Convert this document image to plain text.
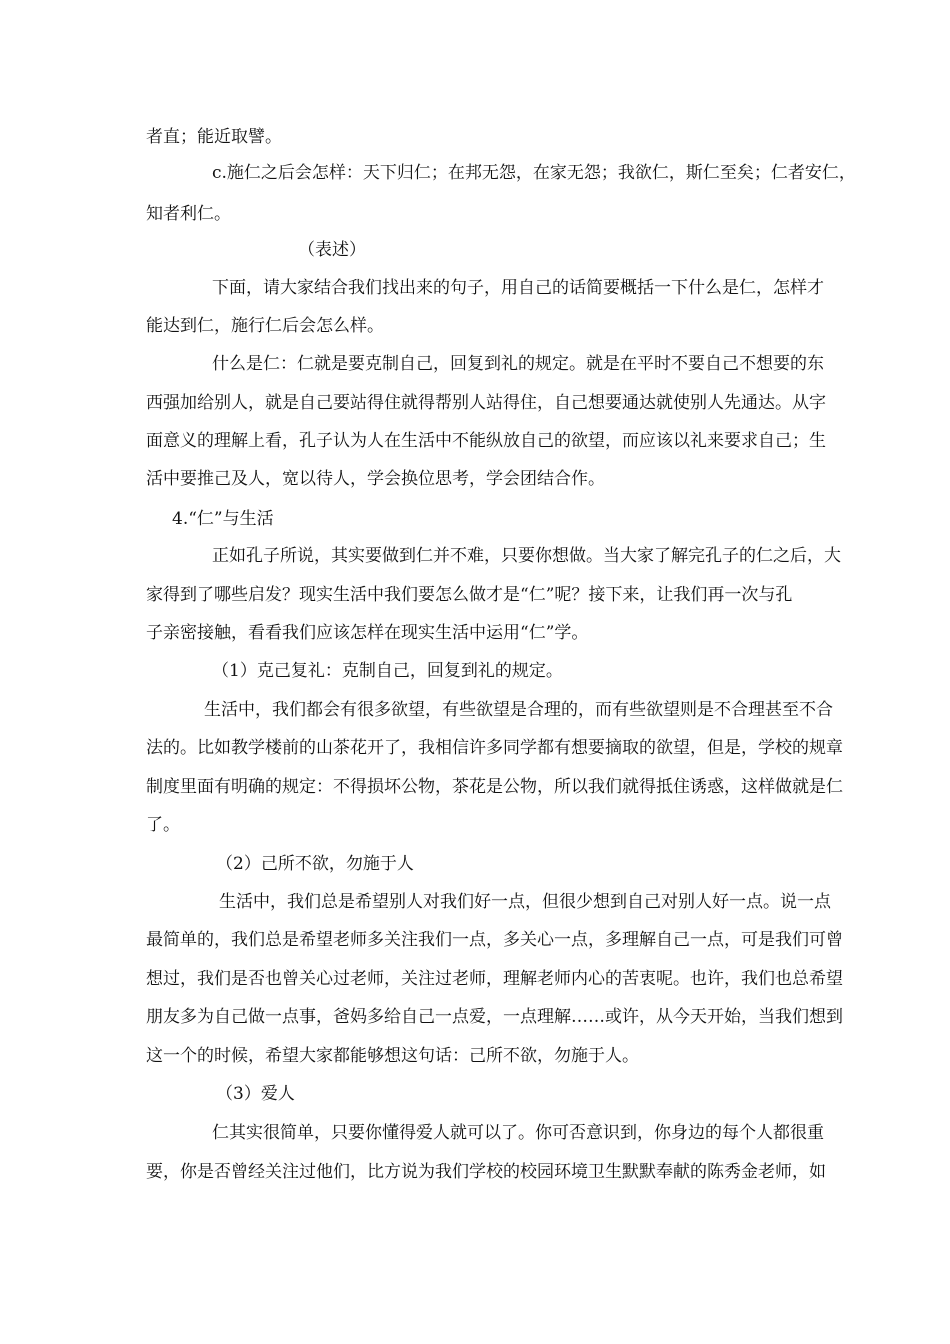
者直；能近取譬。

c.施仁之后会怎样：天下归仁；在邦无怨，在家无怨；我欲仁，斯仁至矣；仁者安仁，

知者利仁。

（表述）

下面，请大家结合我们找出来的句子，用自己的话简要概括一下什么是仁，怎样才

能达到仁，施行仁后会怎么样。

什么是仁：仁就是要克制自己，回复到礼的规定。就是在平时不要自己不想要的东

西强加给别人，就是自己要站得住就得帮别人站得住，自己想要通达就使别人先通达。从字

面意义的理解上看，孔子认为人在生活中不能纵放自己的欲望，而应该以礼来要求自己；生

活中要推己及人，宽以待人，学会换位思考，学会团结合作。

4.“仁”与生活

正如孔子所说，其实要做到仁并不难，只要你想做。当大家了解完孔子的仁之后，大

家得到了哪些启发？现实生活中我们要怎么做才是“仁”呢？接下来，让我们再一次与孔

子亲密接触，看看我们应该怎样在现实生活中运用“仁”学。

（1）克己复礼：克制自己，回复到礼的规定。

生活中，我们都会有很多欲望，有些欲望是合理的，而有些欲望则是不合理甚至不合

法的。比如教学楼前的山茶花开了，我相信许多同学都有想要摘取的欲望，但是，学校的规章

制度里面有明确的规定：不得损坏公物，茶花是公物，所以我们就得抵住诱惑，这样做就是仁

了。

（2）己所不欲，勿施于人

生活中，我们总是希望别人对我们好一点，但很少想到自己对别人好一点。说一点

最简单的，我们总是希望老师多关注我们一点，多关心一点，多理解自己一点，可是我们可曾

想过，我们是否也曾关心过老师，关注过老师，理解老师内心的苦衷呢。也许，我们也总希望

朋友多为自己做一点事，爸妈多给自己一点爱，一点理解……或许，从今天开始，当我们想到

这一个的时候，希望大家都能够想这句话：己所不欲，勿施于人。

（3）爱人

仁其实很简单，只要你懂得爱人就可以了。你可否意识到，你身边的每个人都很重

要，你是否曾经关注过他们，比方说为我们学校的校园环境卫生默默奉献的陈秀金老师，如
